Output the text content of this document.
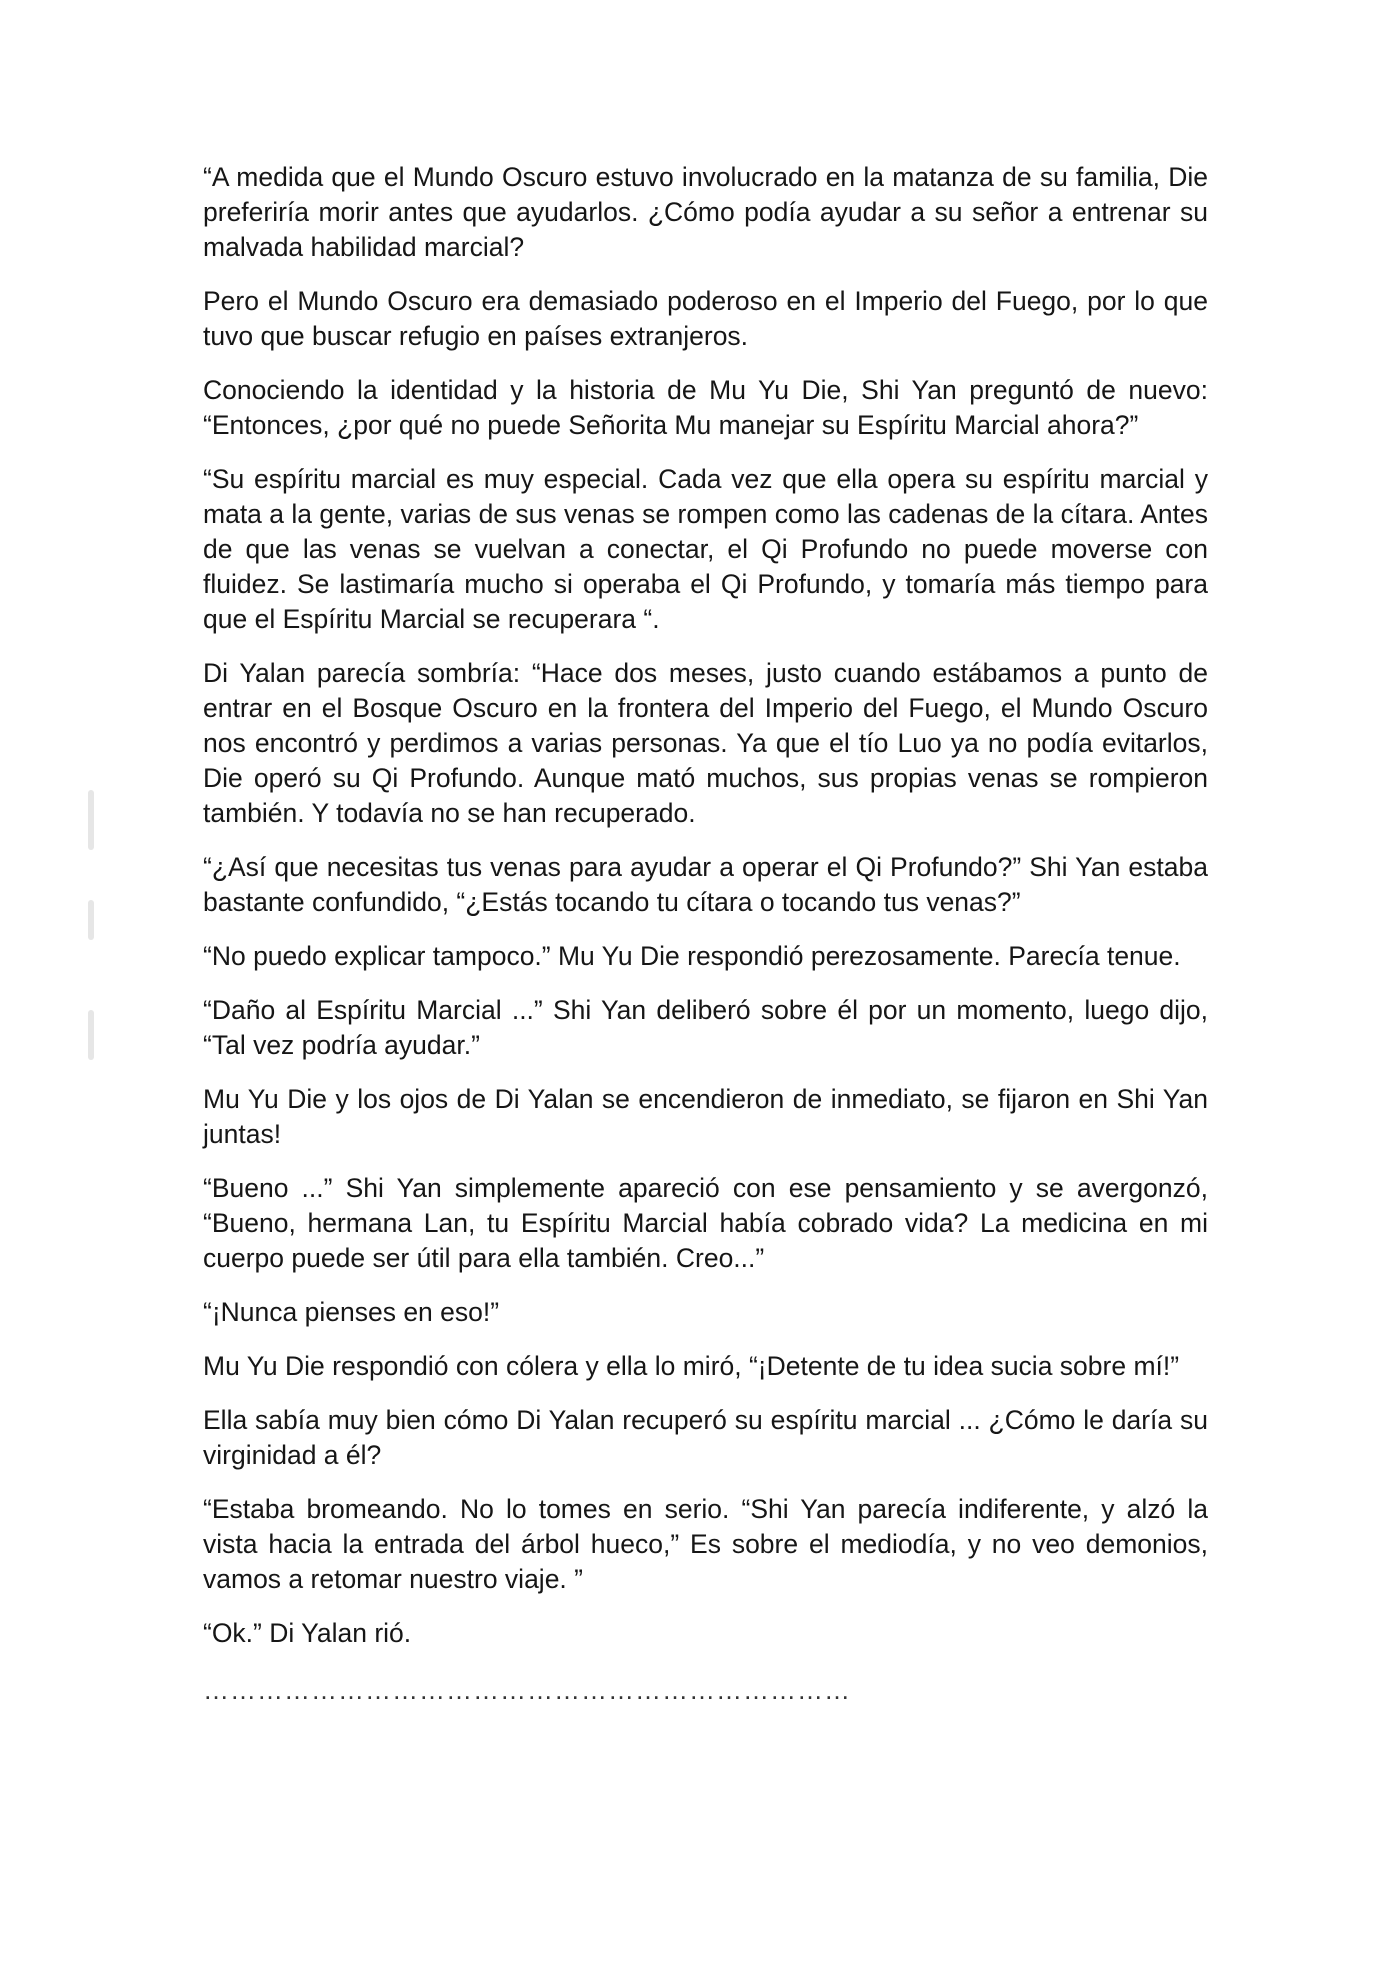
“A medida que el Mundo Oscuro estuvo involucrado en la matanza de su familia, Die preferiría morir antes que ayudarlos. ¿Cómo podía ayudar a su señor a entrenar su malvada habilidad marcial?

Pero el Mundo Oscuro era demasiado poderoso en el Imperio del Fuego, por lo que tuvo que buscar refugio en países extranjeros.

Conociendo la identidad y la historia de Mu Yu Die, Shi Yan preguntó de nuevo: “Entonces, ¿por qué no puede Señorita Mu manejar su Espíritu Marcial ahora?”

“Su espíritu marcial es muy especial. Cada vez que ella opera su espíritu marcial y mata a la gente, varias de sus venas se rompen como las cadenas de la cítara. Antes de que las venas se vuelvan a conectar, el Qi Profundo no puede moverse con fluidez. Se lastimaría mucho si operaba el Qi Profundo, y tomaría más tiempo para que el Espíritu Marcial se recuperara “.

Di Yalan parecía sombría: “Hace dos meses, justo cuando estábamos a punto de entrar en el Bosque Oscuro en la frontera del Imperio del Fuego, el Mundo Oscuro nos encontró y perdimos a varias personas. Ya que el tío Luo ya no podía evitarlos, Die operó su Qi Profundo. Aunque mató muchos, sus propias venas se rompieron también. Y todavía no se han recuperado.

“¿Así que necesitas tus venas para ayudar a operar el Qi Profundo?” Shi Yan estaba bastante confundido, “¿Estás tocando tu cítara o tocando tus venas?”

“No puedo explicar tampoco.” Mu Yu Die respondió perezosamente. Parecía tenue.

“Daño al Espíritu Marcial ...” Shi Yan deliberó sobre él por un momento, luego dijo, “Tal vez podría ayudar.”

Mu Yu Die y los ojos de Di Yalan se encendieron de inmediato, se fijaron en Shi Yan juntas!

“Bueno ...” Shi Yan simplemente apareció con ese pensamiento y se avergonzó, “Bueno, hermana Lan, tu Espíritu Marcial había cobrado vida? La medicina en mi cuerpo puede ser útil para ella también. Creo...”

“¡Nunca pienses en eso!”

Mu Yu Die respondió con cólera y ella lo miró, “¡Detente de tu idea sucia sobre mí!”

Ella sabía muy bien cómo Di Yalan recuperó su espíritu marcial ... ¿Cómo le daría su virginidad a él?

“Estaba bromeando. No lo tomes en serio. “Shi Yan parecía indiferente, y alzó la vista hacia la entrada del árbol hueco,” Es sobre el mediodía, y no veo demonios, vamos a retomar nuestro viaje. ”

“Ok.” Di Yalan rió.

………………………………………………………………
